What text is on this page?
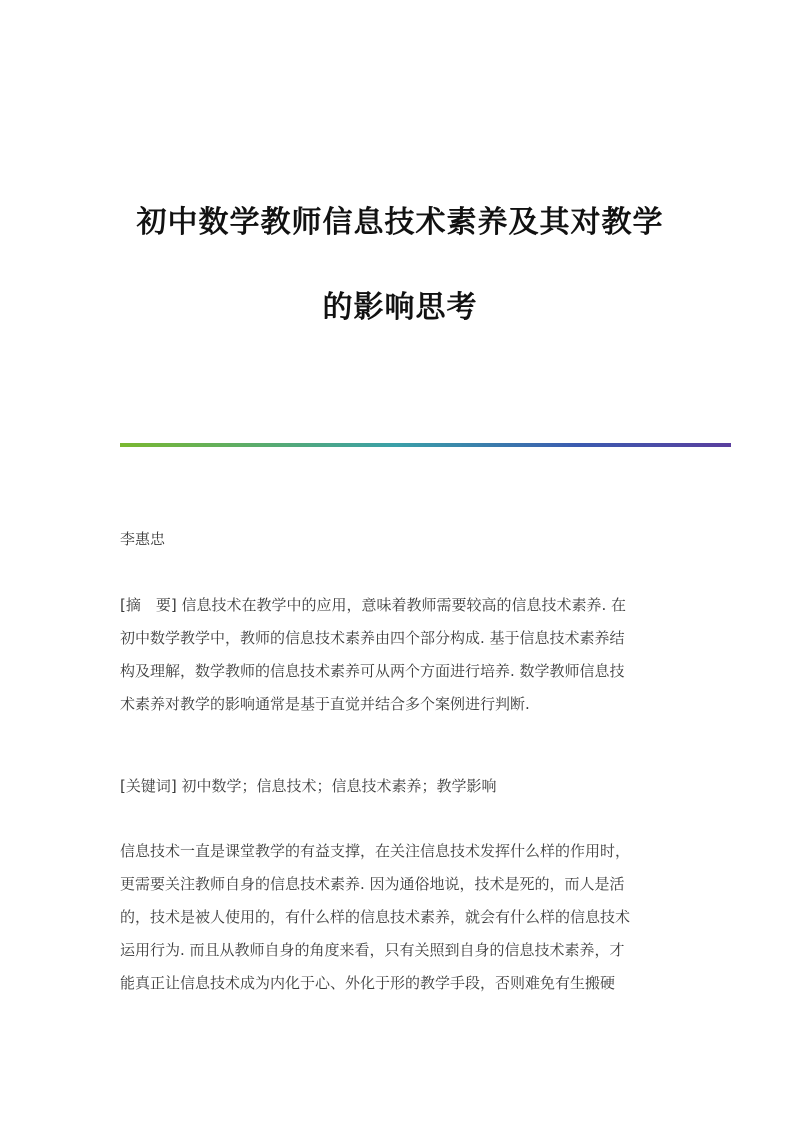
初中数学教师信息技术素养及其对教学
的影响思考
李惠忠
[摘　要] 信息技术在教学中的应用，意味着教师需要较高的信息技术素养. 在
初中数学教学中，教师的信息技术素养由四个部分构成. 基于信息技术素养结
构及理解，数学教师的信息技术素养可从两个方面进行培养. 数学教师信息技
术素养对教学的影响通常是基于直觉并结合多个案例进行判断.
[关键词] 初中数学；信息技术；信息技术素养；教学影响
信息技术一直是课堂教学的有益支撑，在关注信息技术发挥什么样的作用时，
更需要关注教师自身的信息技术素养. 因为通俗地说，技术是死的，而人是活
的，技术是被人使用的，有什么样的信息技术素养，就会有什么样的信息技术
运用行为. 而且从教师自身的角度来看，只有关照到自身的信息技术素养，才
能真正让信息技术成为内化于心、外化于形的教学手段，否则难免有生搬硬
